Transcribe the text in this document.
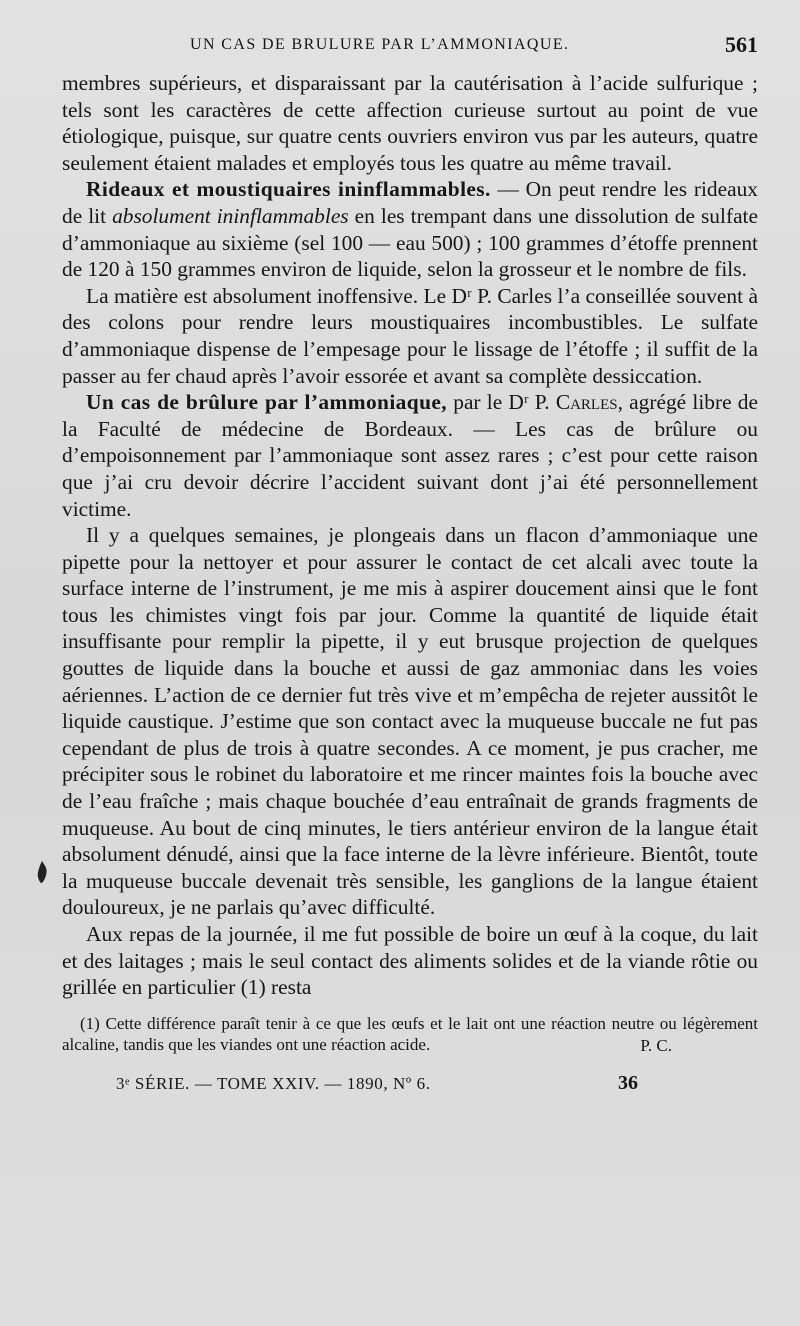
UN CAS DE BRULURE PAR L’AMMONIAQUE.	561

membres supérieurs, et disparaissant par la cautérisation à l’acide sulfurique ; tels sont les caractères de cette affection curieuse surtout au point de vue étiologique, puisque, sur quatre cents ouvriers environ vus par les auteurs, quatre seulement étaient malades et employés tous les quatre au même travail.

Rideaux et moustiquaires ininflammables. — On peut rendre les rideaux de lit absolument ininflammables en les trempant dans une dissolution de sulfate d’ammoniaque au sixième (sel 100 — eau 500) ; 100 grammes d’étoffe prennent de 120 à 150 grammes environ de liquide, selon la grosseur et le nombre de fils.

La matière est absolument inoffensive. Le Dʳ P. Carles l’a conseillée souvent à des colons pour rendre leurs moustiquaires incombustibles. Le sulfate d’ammoniaque dispense de l’empesage pour le lissage de l’étoffe ; il suffit de la passer au fer chaud après l’avoir essorée et avant sa complète dessiccation.

Un cas de brûlure par l’ammoniaque, par le Dʳ P. Carles, agrégé libre de la Faculté de médecine de Bordeaux. — Les cas de brûlure ou d’empoisonnement par l’ammoniaque sont assez rares ; c’est pour cette raison que j’ai cru devoir décrire l’accident suivant dont j’ai été personnellement victime.

Il y a quelques semaines, je plongeais dans un flacon d’ammoniaque une pipette pour la nettoyer et pour assurer le contact de cet alcali avec toute la surface interne de l’instrument, je me mis à aspirer doucement ainsi que le font tous les chimistes vingt fois par jour. Comme la quantité de liquide était insuffisante pour remplir la pipette, il y eut brusque projection de quelques gouttes de liquide dans la bouche et aussi de gaz ammoniac dans les voies aériennes. L’action de ce dernier fut très vive et m’empêcha de rejeter aussitôt le liquide caustique. J’estime que son contact avec la muqueuse buccale ne fut pas cependant de plus de trois à quatre secondes. A ce moment, je pus cracher, me précipiter sous le robinet du laboratoire et me rincer maintes fois la bouche avec de l’eau fraîche ; mais chaque bouchée d’eau entraînait de grands fragments de muqueuse. Au bout de cinq minutes, le tiers antérieur environ de la langue était absolument dénudé, ainsi que la face interne de la lèvre inférieure. Bientôt, toute la muqueuse buccale devenait très sensible, les ganglions de la langue étaient douloureux, je ne parlais qu’avec difficulté.

Aux repas de la journée, il me fut possible de boire un œuf à la coque, du lait et des laitages ; mais le seul contact des aliments solides et de la viande rôtie ou grillée en particulier (1) resta

(1) Cette différence paraît tenir à ce que les œufs et le lait ont une réaction neutre ou légèrement alcaline, tandis que les viandes ont une réaction acide.	P. C.
3ᵉ SÉRIE. — TOME XXIV. — 1890, Nº 6.	36
